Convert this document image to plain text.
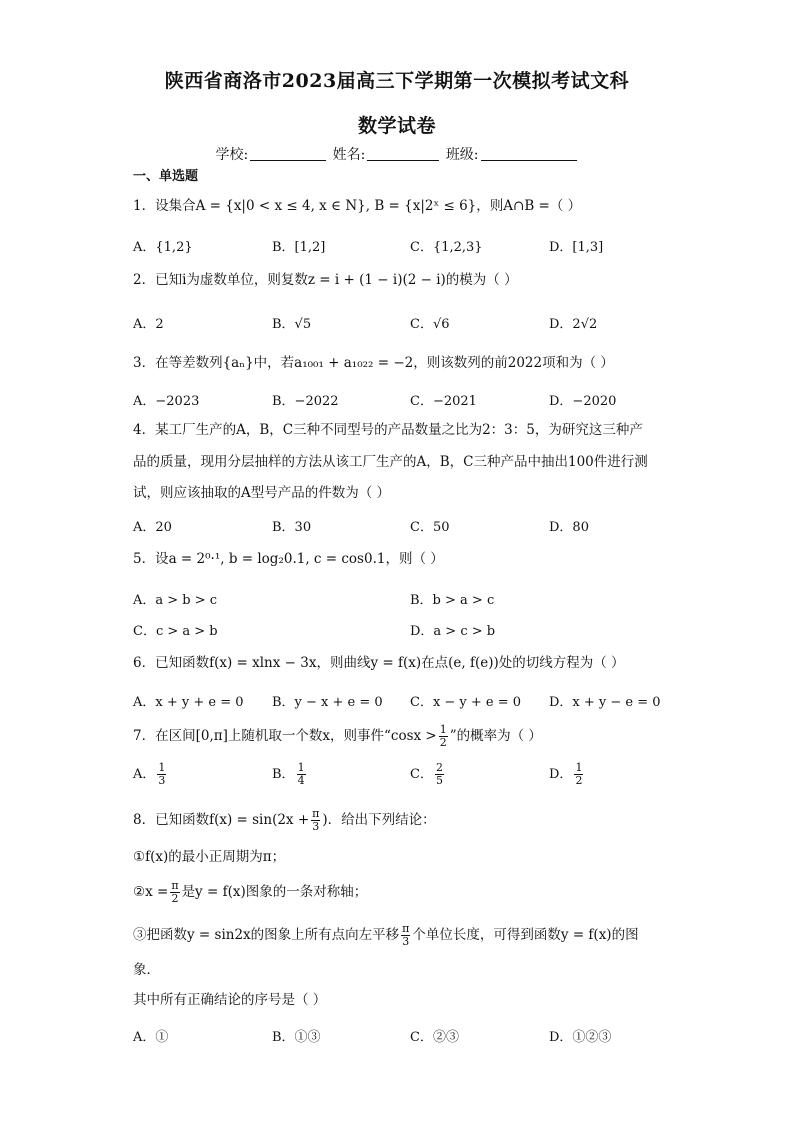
陕西省商洛市2023届高三下学期第一次模拟考试文科
数学试卷
学校:	姓名:	班级:
一、单选题
1．设集合A = {x|0 < x ≤ 4, x ∈ N}, B = {x|2ˣ ≤ 6}，则A∩B =（ ）
A．{1,2}	B．[1,2]	C．{1,2,3}	D．[1,3]
2．已知i为虚数单位，则复数z = i + (1 − i)(2 − i)的模为（ ）
A．2	B．√5	C．√6	D．2√2
3．在等差数列{aₙ}中，若a₁₀₀₁ + a₁₀₂₂ = −2，则该数列的前2022项和为（ ）
A．−2023	B．−2022	C．−2021	D．−2020
4．某工厂生产的A，B，C三种不同型号的产品数量之比为2：3：5，为研究这三种产
品的质量，现用分层抽样的方法从该工厂生产的A，B，C三种产品中抽出100件进行测
试，则应该抽取的A型号产品的件数为（ ）
A．20	B．30	C．50	D．80
5．设a = 2⁰·¹, b = log₂0.1, c = cos0.1，则（ ）
A．a > b > c	B．b > a > c
C．c > a > b	D．a > c > b
6．已知函数f(x) = xlnx − 3x，则曲线y = f(x)在点(e, f(e))处的切线方程为（ ）
A．x + y + e = 0 B．y − x + e = 0 C．x − y + e = 0 D．x + y − e = 0
7．在区间[0,π]上随机取一个数x，则事件“$\cos x > \frac{1}{2}$ ”的概率为（ ）
A． $\frac{1}{3}$	B． $\frac{1}{4}$	C． $\frac{2}{5}$	D． $\frac{1}{2}$
8．已知函数$f(x) = \sin(2x + \frac{\pi}{3}$ )．给出下列结论：
①f(x)的最小正周期为π；
②x = $\frac{\pi}{2}$ 是y = f(x)图象的一条对称轴；
③把函数y = sin2x的图象上所有点向左平移 $\frac{\pi}{3}$ 个单位长度，可得到函数y = f(x)的图
象．
其中所有正确结论的序号是（ ）
A．①	B．①③	C．②③	D．①②③
